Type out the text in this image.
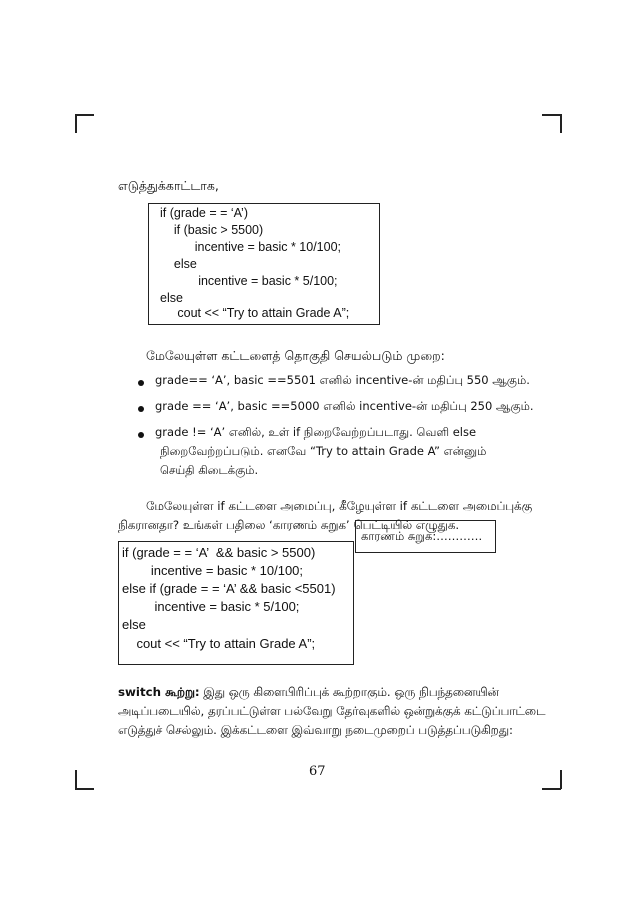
எடுத்துக்காட்டாக,
if (grade = = ‘A’)
if (basic > 5500)
incentive = basic * 10/100;
else
incentive = basic * 5/100;
else
cout << “Try to attain Grade A”;
மேலேயுள்ள கட்டளைத் தொகுதி செயல்படும் முறை:
grade== ‘A’, basic ==5501 எனில் incentive-ன் மதிப்பு 550 ஆகும்.
grade == ‘A’, basic ==5000 எனில் incentive-ன் மதிப்பு 250 ஆகும்.
grade != ‘A’ எனில், உள் if நிறைவேற்றப்படாது. வெளி else
நிறைவேற்றப்படும். எனவே “Try to attain Grade A” என்னும்
செய்தி கிடைக்கும்.
மேலேயுள்ள if கட்டளை அமைப்பு, கீழேயுள்ள if கட்டளை அமைப்புக்கு
நிகரானதா? உங்கள் பதிலை ‘காரணம் சுறுக’ பெட்டியில் எழுதுக.
if (grade = = ‘A’  && basic > 5500)
incentive = basic * 10/100;
else if (grade = = ‘A’ && basic <5501)
incentive = basic * 5/100;
else
cout << “Try to attain Grade A”;
காரணம் சுறுக:…………
switch கூற்று: இது ஒரு கிளைபிரிப்புக் கூற்றாகும். ஒரு நிபந்தனையின்
அடிப்படையில், தரப்பட்டுள்ள பல்வேறு தேர்வுகளில் ஒன்றுக்குக் கட்டுப்பாட்டை
எடுத்துச் செல்லும். இக்கட்டளை இவ்வாறு நடைமுறைப் படுத்தப்படுகிறது:
67
